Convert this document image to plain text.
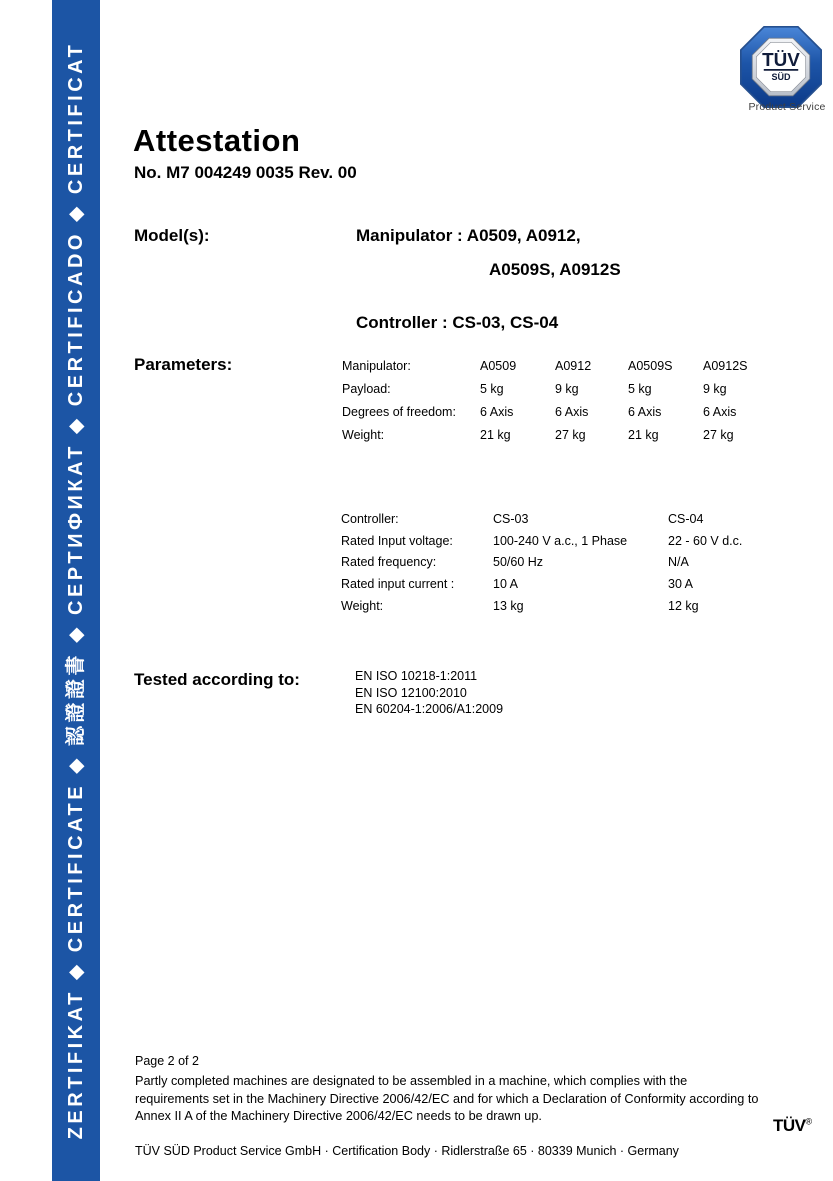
ZERTIFIKAT ◆ CERTIFICATE ◆ 認證證書 ◆ СЕРТИФИКАТ ◆ CERTIFICADO ◆ CERTIFICAT	TÜV
SÜD
Product Service
Attestation
No. M7 004249 0035 Rev. 00
Model(s):	Manipulator : A0509, A0912,
A0509S, A0912S
Controller : CS-03, CS-04
Parameters:	Manipulator:	A0509	A0912	A0509S	A0912S
Payload:	5 kg	9 kg	5 kg	9 kg
Degrees of freedom:	6 Axis	6 Axis	6 Axis	6 Axis
Weight:	21 kg	27 kg	21 kg	27 kg
Controller:	CS-03	CS-04
Rated Input voltage:	100-240 V a.c., 1 Phase	22 - 60 V d.c.
Rated frequency:	50/60 Hz	N/A
Rated input current :	10 A	30 A
Weight:	13 kg	12 kg
Tested according to:	EN ISO 10218-1:2011
EN ISO 12100:2010
EN 60204-1:2006/A1:2009
Page 2 of 2
Partly completed machines are designated to be assembled in a machine, which complies with the requirements set in the Machinery Directive 2006/42/EC and for which a Declaration of Conformity according to Annex II A of the Machinery Directive 2006/42/EC needs to be drawn up.	TÜV®
TÜV SÜD Product Service GmbH · Certification Body · Ridlerstraße 65 · 80339 Munich · Germany
